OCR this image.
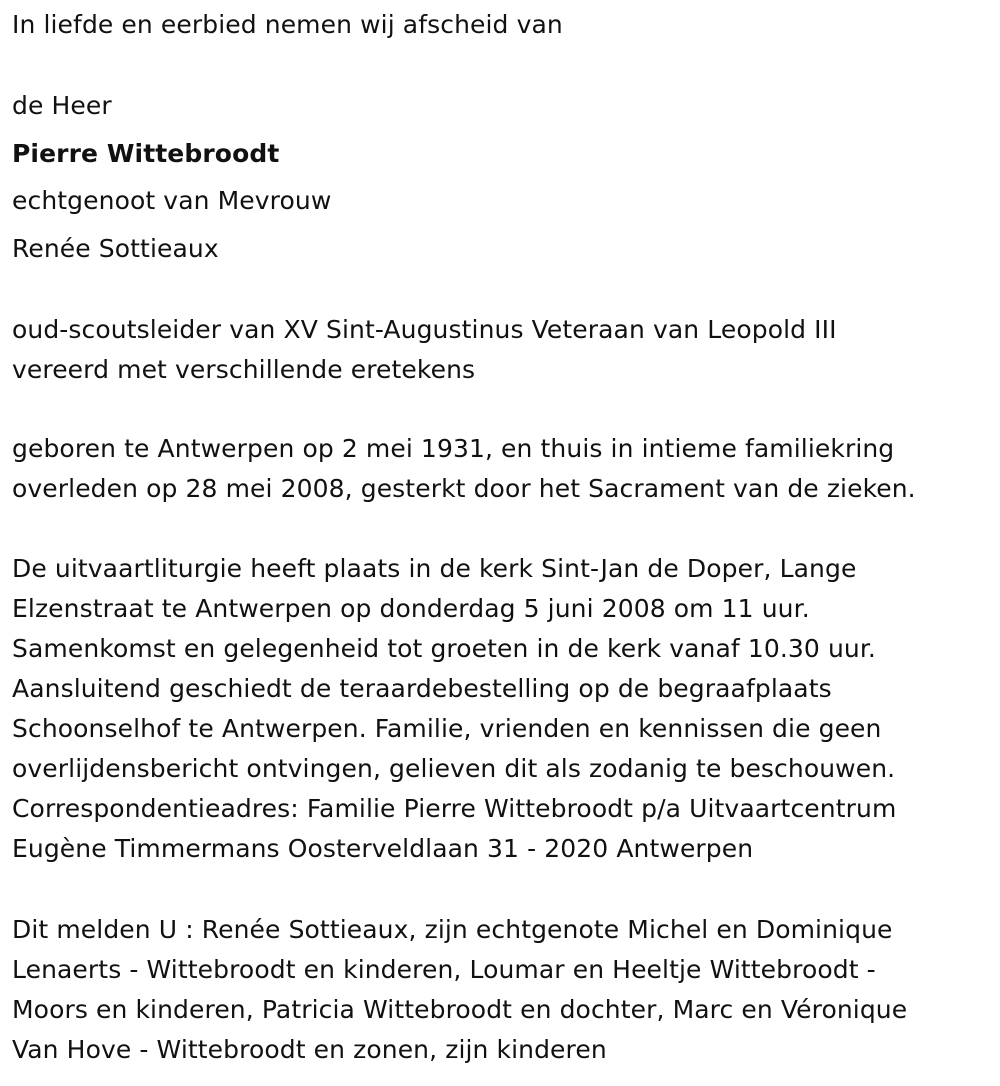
In liefde en eerbied nemen wij afscheid van
de Heer
Pierre Wittebroodt
echtgenoot van Mevrouw
Renée Sottieaux
oud-scoutsleider van XV Sint-Augustinus Veteraan van Leopold III
vereerd met verschillende eretekens
geboren te Antwerpen op 2 mei 1931, en thuis in intieme familiekring
overleden op 28 mei 2008, gesterkt door het Sacrament van de zieken.
De uitvaartliturgie heeft plaats in de kerk Sint-Jan de Doper, Lange
Elzenstraat te Antwerpen op donderdag 5 juni 2008 om 11 uur.
Samenkomst en gelegenheid tot groeten in de kerk vanaf 10.30 uur.
Aansluitend geschiedt de teraardebestelling op de begraafplaats
Schoonselhof te Antwerpen. Familie, vrienden en kennissen die geen
overlijdensbericht ontvingen, gelieven dit als zodanig te beschouwen.
Correspondentieadres: Familie Pierre Wittebroodt p/a Uitvaartcentrum
Eugène Timmermans Oosterveldlaan 31 - 2020 Antwerpen
Dit melden U : Renée Sottieaux, zijn echtgenote Michel en Dominique
Lenaerts - Wittebroodt en kinderen, Loumar en Heeltje Wittebroodt -
Moors en kinderen, Patricia Wittebroodt en dochter, Marc en Véronique
Van Hove - Wittebroodt en zonen, zijn kinderen
